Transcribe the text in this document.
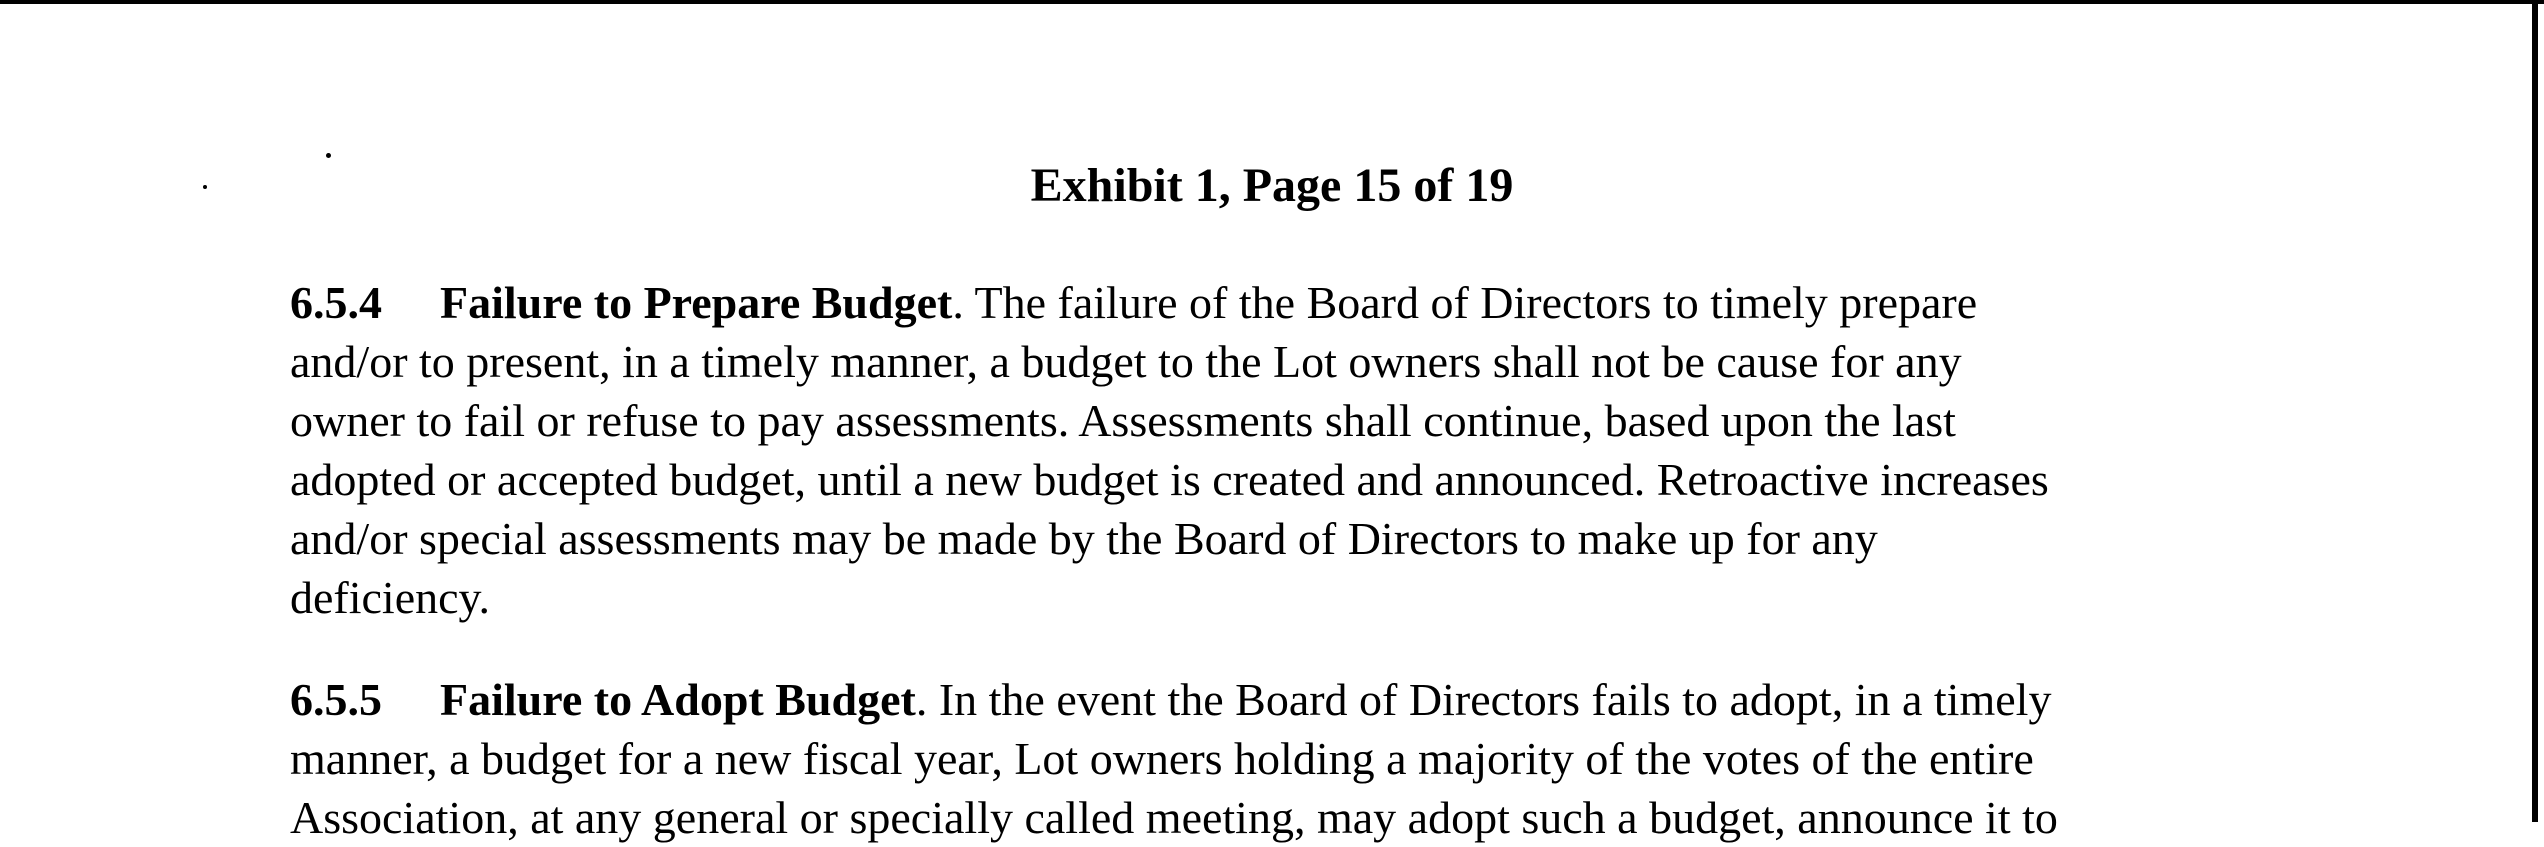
Exhibit 1, Page 15 of 19

6.5.4 Failure to Prepare Budget. The failure of the Board of Directors to timely prepare

and/or to present, in a timely manner, a budget to the Lot owners shall not be cause for any

owner to fail or refuse to pay assessments. Assessments shall continue, based upon the last

adopted or accepted budget, until a new budget is created and announced. Retroactive increases

and/or special assessments may be made by the Board of Directors to make up for any

deficiency.

6.5.5 Failure to Adopt Budget. In the event the Board of Directors fails to adopt, in a timely

manner, a budget for a new fiscal year, Lot owners holding a majority of the votes of the entire

Association, at any general or specially called meeting, may adopt such a budget, announce it to
